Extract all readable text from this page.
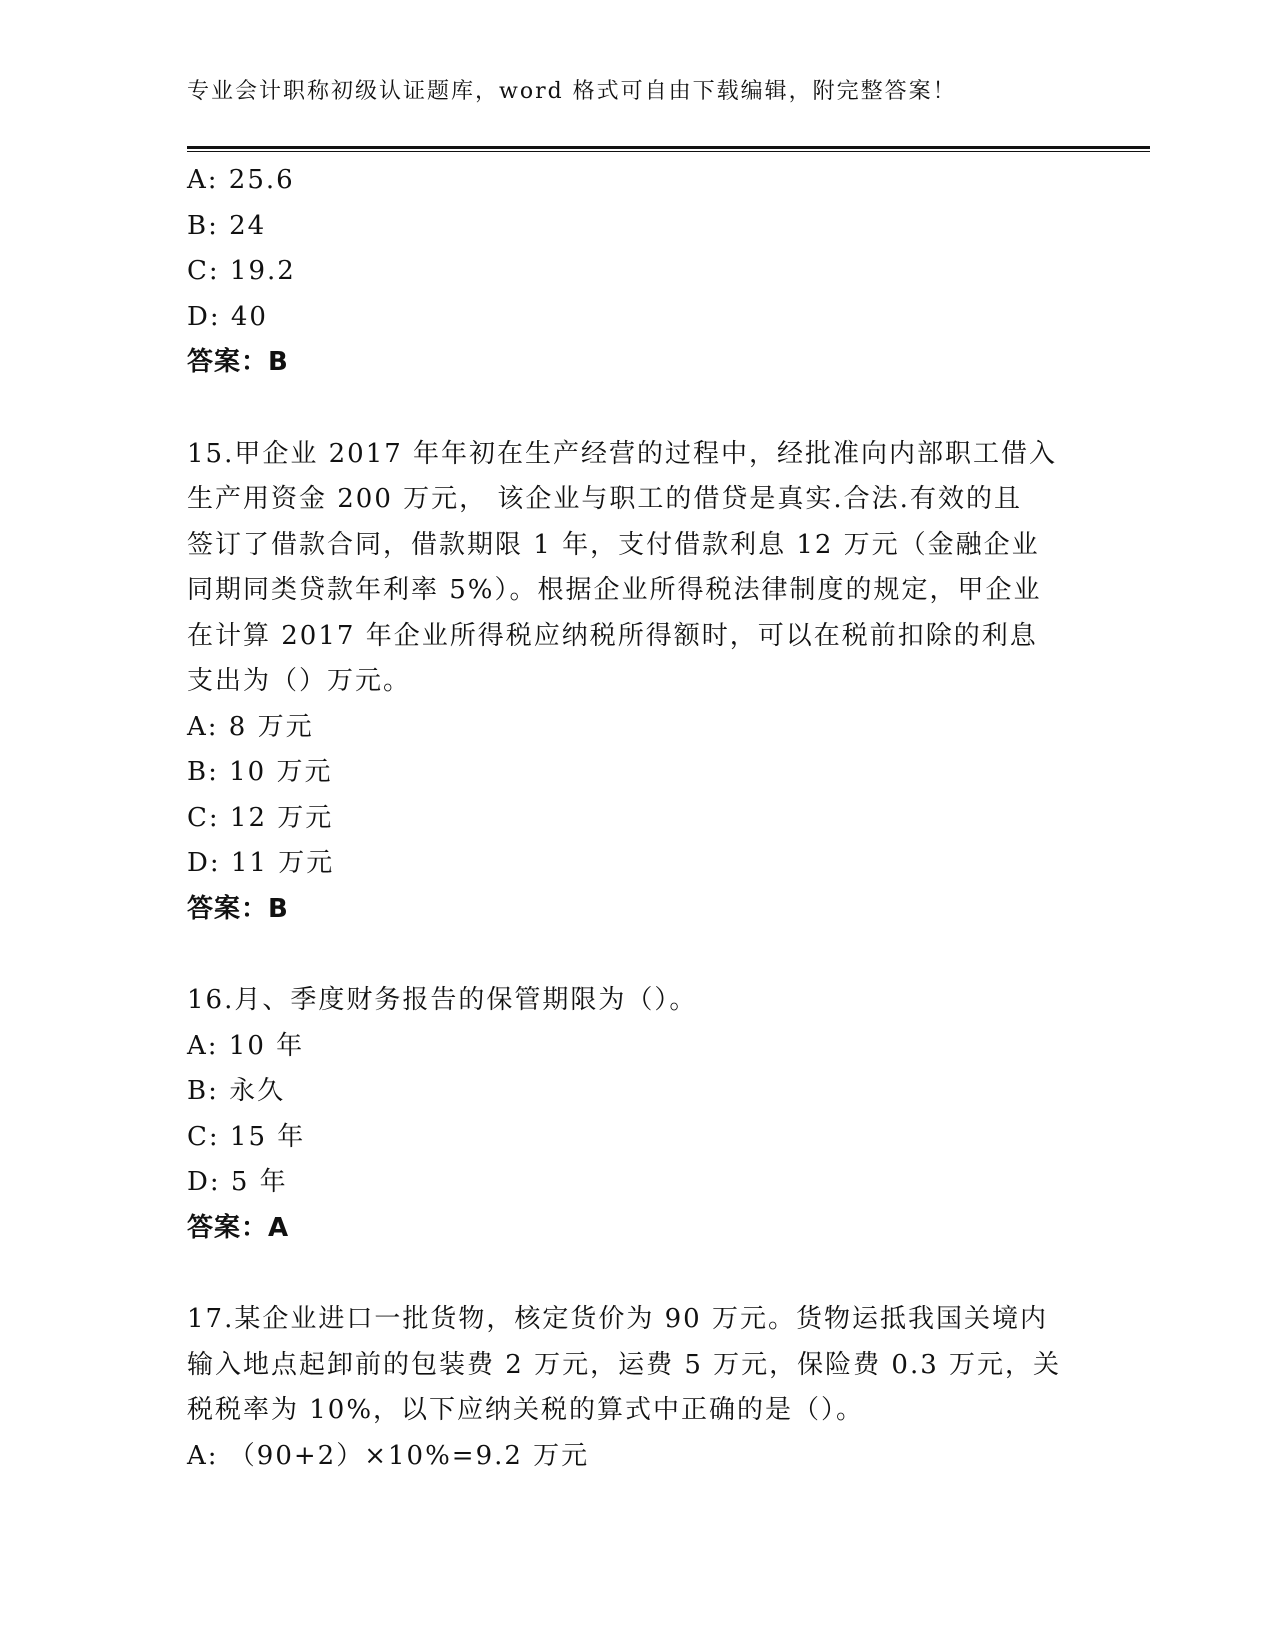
专业会计职称初级认证题库，word 格式可自由下载编辑，附完整答案！
A: 25.6
B: 24
C: 19.2
D: 40
答案：B
15.甲企业 2017 年年初在生产经营的过程中，经批准向内部职工借入
生产用资金 200 万元， 该企业与职工的借贷是真实.合法.有效的且
签订了借款合同，借款期限 1 年，支付借款利息 12 万元（金融企业
同期同类贷款年利率 5%）。根据企业所得税法律制度的规定，甲企业
在计算 2017 年企业所得税应纳税所得额时，可以在税前扣除的利息
支出为（）万元。
A: 8 万元
B: 10 万元
C: 12 万元
D: 11 万元
答案：B
16.月、季度财务报告的保管期限为（）。
A: 10 年
B: 永久
C: 15 年
D: 5 年
答案：A
17.某企业进口一批货物，核定货价为 90 万元。货物运抵我国关境内
输入地点起卸前的包装费 2 万元，运费 5 万元，保险费 0.3 万元，关
税税率为 10%，以下应纳关税的算式中正确的是（）。
A: （90+2）×10%=9.2 万元
